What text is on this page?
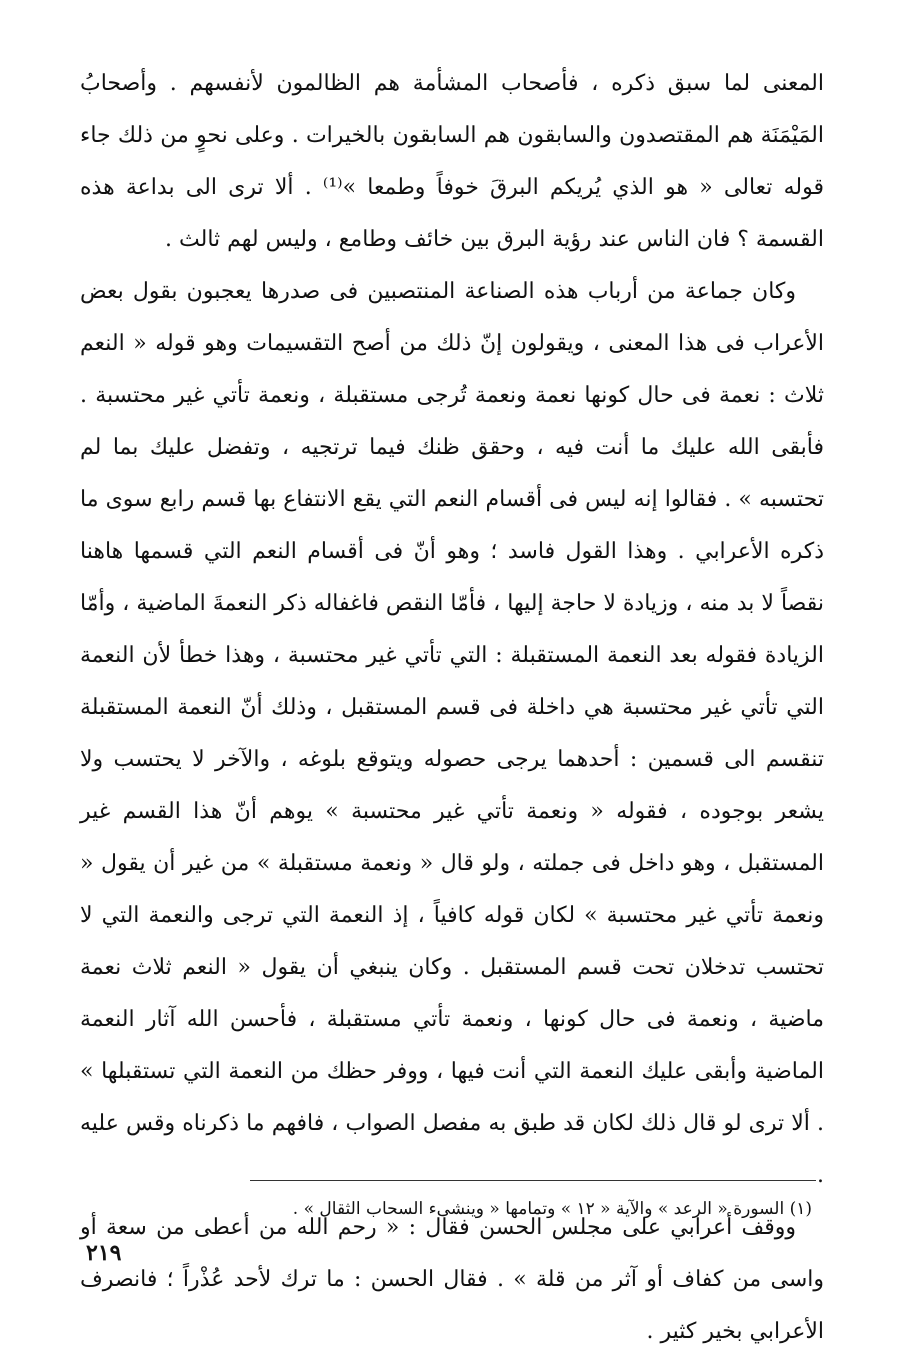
المعنى لما سبق ذكره ، فأصحاب المشأمة هم الظالمون لأنفسهم . وأصحابُ المَيْمَنَة هم المقتصدون والسابقون هم السابقون بالخيرات . وعلى نحوٍ من ذلك جاء قوله تعالى « هو الذي يُريكم البرقَ خوفاً وطمعا »⁽¹⁾ . ألا ترى الى بداعة هذه القسمة ؟ فان الناس عند رؤية البرق بين خائف وطامع ، وليس لهم ثالث .

وكان جماعة من أرباب هذه الصناعة المنتصبين فى صدرها يعجبون بقول بعض الأعراب فى هذا المعنى ، ويقولون إنّ ذلك من أصح التقسيمات وهو قوله « النعم ثلاث : نعمة فى حال كونها نعمة ونعمة تُرجى مستقبلة ، ونعمة تأتي غير محتسبة . فأبقى الله عليك ما أنت فيه ، وحقق ظنك فيما ترتجيه ، وتفضل عليك بما لم تحتسبه » . فقالوا إنه ليس فى أقسام النعم التي يقع الانتفاع بها قسم رابع سوى ما ذكره الأعرابي . وهذا القول فاسد ؛ وهو أنّ فى أقسام النعم التي قسمها هاهنا نقصاً لا بد منه ، وزيادة لا حاجة إليها ، فأمّا النقص فاغفاله ذكر النعمةَ الماضية ، وأمّا الزيادة فقوله بعد النعمة المستقبلة : التي تأتي غير محتسبة ، وهذا خطأ لأن النعمة التي تأتي غير محتسبة هي داخلة فى قسم المستقبل ، وذلك أنّ النعمة المستقبلة تنقسم الى قسمين : أحدهما يرجى حصوله ويتوقع بلوغه ، والآخر لا يحتسب ولا يشعر بوجوده ، فقوله « ونعمة تأتي غير محتسبة » يوهم أنّ هذا القسم غير المستقبل ، وهو داخل فى جملته ، ولو قال « ونعمة مستقبلة » من غير أن يقول « ونعمة تأتي غير محتسبة » لكان قوله كافياً ، إذ النعمة التي ترجى والنعمة التي لا تحتسب تدخلان تحت قسم المستقبل . وكان ينبغي أن يقول « النعم ثلاث نعمة ماضية ، ونعمة فى حال كونها ، ونعمة تأتي مستقبلة ، فأحسن الله آثار النعمة الماضية وأبقى عليك النعمة التي أنت فيها ، ووفر حظك من النعمة التي تستقبلها » . ألا ترى لو قال ذلك لكان قد طبق به مفصل الصواب ، فافهم ما ذكرناه وقس عليه .

ووقف أعرابي على مجلس الحسن فقال : « رحم الله من أعطى من سعة أو واسى من كفاف أو آثر من قلة » . فقال الحسن : ما ترك لأحد عُذْراً ؛ فانصرف الأعرابي بخير كثير .

(١) السورة « الرعد » والآية « ١٢ » وتمامها « وينشىء السحاب الثقال » .

٢١٩
